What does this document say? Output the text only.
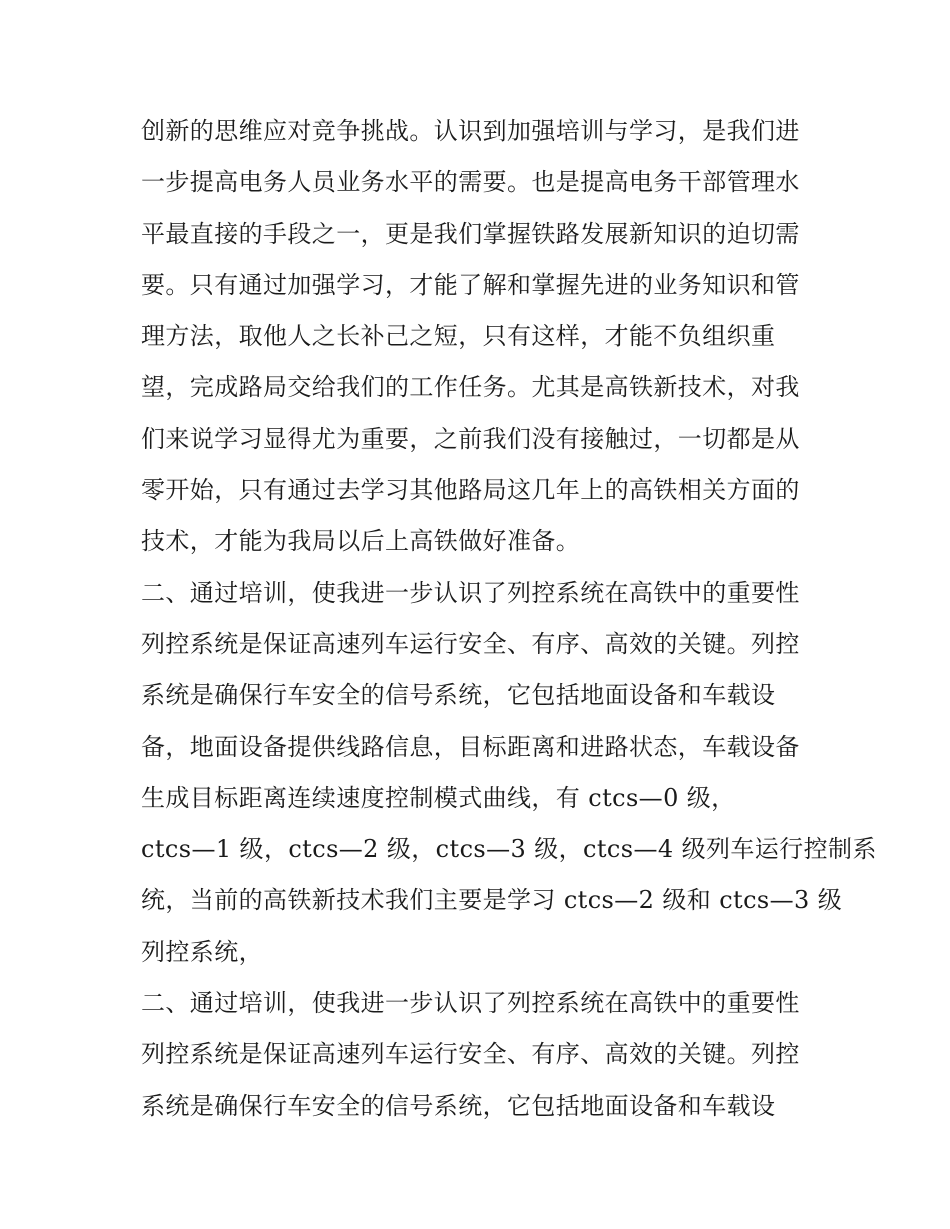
创新的思维应对竞争挑战。认识到加强培训与学习，是我们进
一步提高电务人员业务水平的需要。也是提高电务干部管理水
平最直接的手段之一，更是我们掌握铁路发展新知识的迫切需
要。只有通过加强学习，才能了解和掌握先进的业务知识和管
理方法，取他人之长补己之短，只有这样，才能不负组织重
望，完成路局交给我们的工作任务。尤其是高铁新技术，对我
们来说学习显得尤为重要，之前我们没有接触过，一切都是从
零开始，只有通过去学习其他路局这几年上的高铁相关方面的
技术，才能为我局以后上高铁做好准备。
二、通过培训，使我进一步认识了列控系统在高铁中的重要性
列控系统是保证高速列车运行安全、有序、高效的关键。列控
系统是确保行车安全的信号系统，它包括地面设备和车载设
备，地面设备提供线路信息，目标距离和进路状态，车载设备
生成目标距离连续速度控制模式曲线，有 ctcs—0 级，
ctcs—1 级，ctcs—2 级，ctcs—3 级，ctcs—4 级列车运行控制系
统，当前的高铁新技术我们主要是学习 ctcs—2 级和 ctcs—3 级
列控系统，
二、通过培训，使我进一步认识了列控系统在高铁中的重要性
列控系统是保证高速列车运行安全、有序、高效的关键。列控
系统是确保行车安全的信号系统，它包括地面设备和车载设
